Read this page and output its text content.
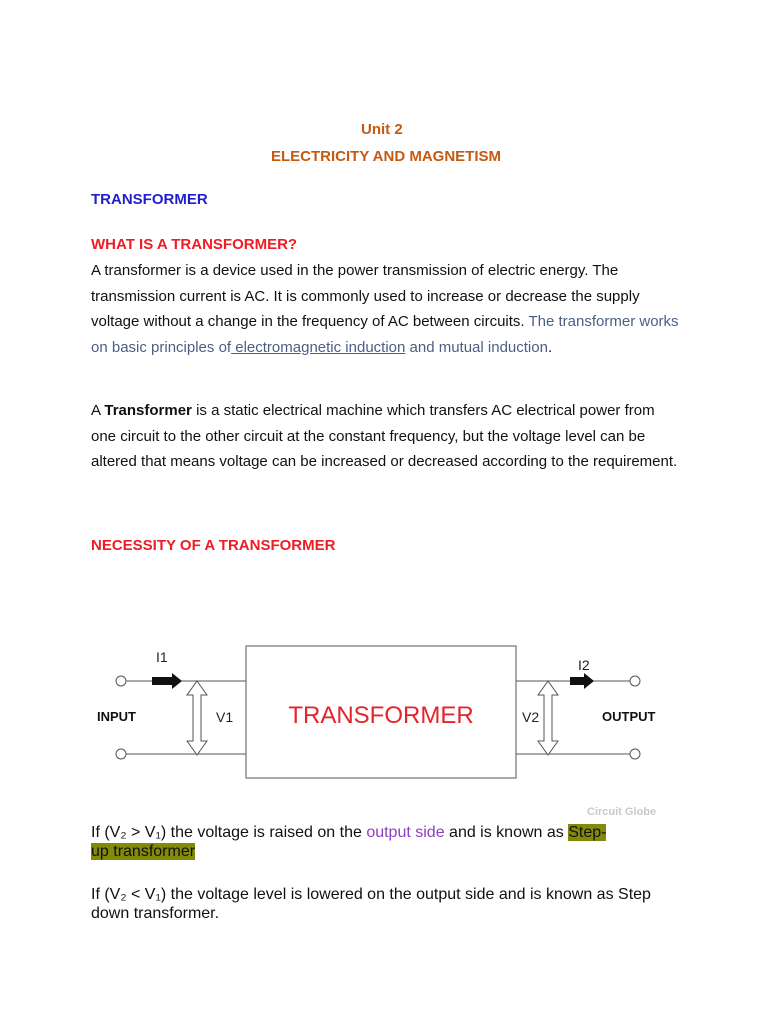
Unit 2
ELECTRICITY AND MAGNETISM
TRANSFORMER
WHAT IS A TRANSFORMER?
A transformer is a device used in the power transmission of electric energy. The transmission current is AC. It is commonly used to increase or decrease the supply voltage without a change in the frequency of AC between circuits. The transformer works on basic principles of electromagnetic induction and mutual induction.
A Transformer is a static electrical machine which transfers AC electrical power from one circuit to the other circuit at the constant frequency, but the voltage level can be altered that means voltage can be increased or decreased according to the requirement.
NECESSITY OF A TRANSFORMER
TRANSFORMER
I1	I2
V1	V2
INPUT	OUTPUT
Circuit Globe
If (V₂ > V₁) the voltage is raised on the output side and is known as Step-
up transformer
If (V₂ < V₁) the voltage level is lowered on the output side and is known as Step down transformer.
